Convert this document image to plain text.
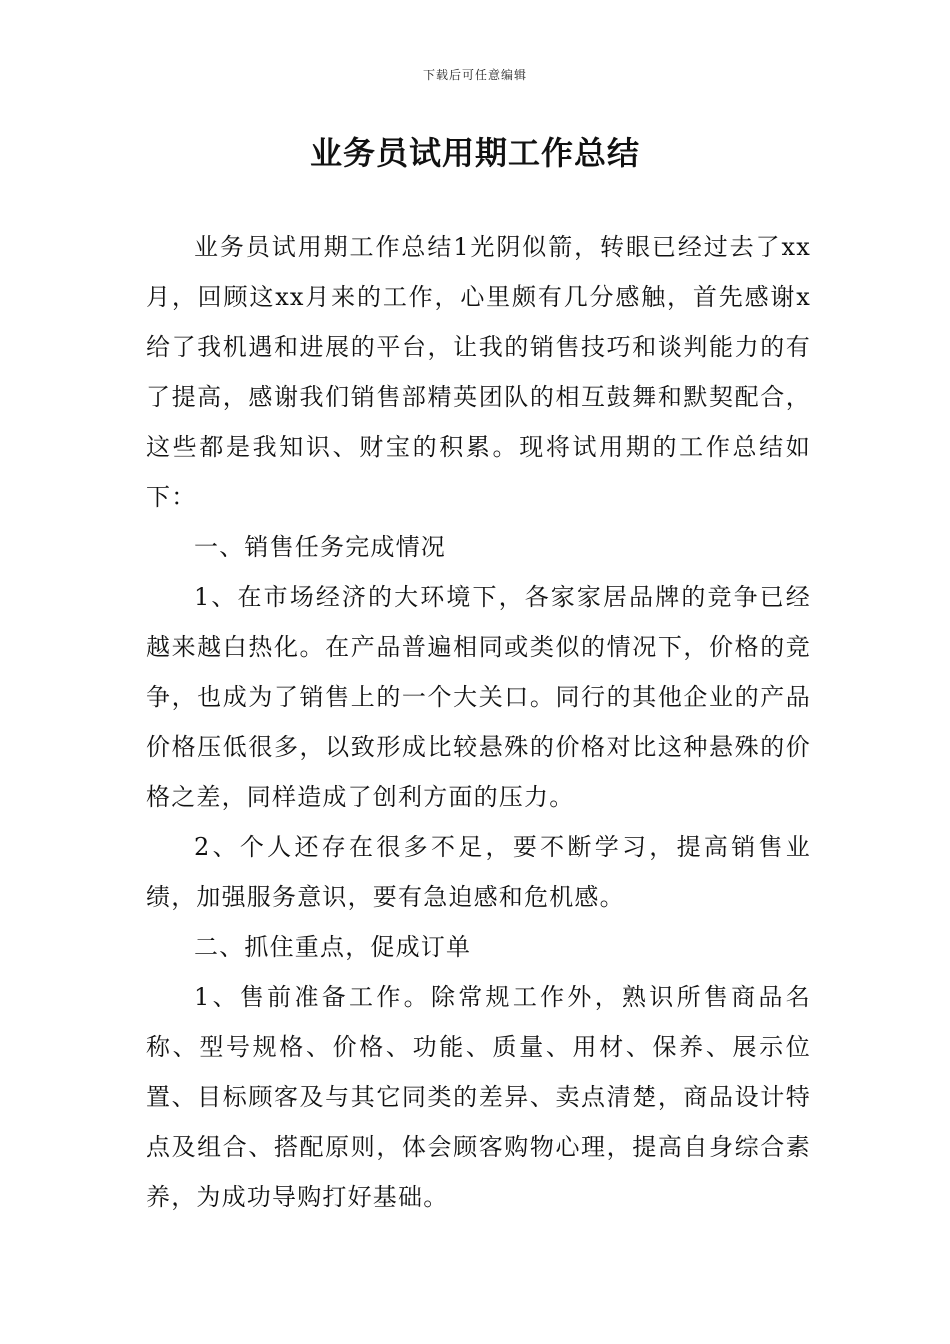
下载后可任意编辑
业务员试用期工作总结

业务员试用期工作总结1光阴似箭，转眼已经过去了xx月，回顾这xx月来的工作，心里颇有几分感触，首先感谢x给了我机遇和进展的平台，让我的销售技巧和谈判能力的有了提高，感谢我们销售部精英团队的相互鼓舞和默契配合，这些都是我知识、财宝的积累。现将试用期的工作总结如下：

一、销售任务完成情况

1、在市场经济的大环境下，各家家居品牌的竞争已经越来越白热化。在产品普遍相同或类似的情况下，价格的竞争，也成为了销售上的一个大关口。同行的其他企业的产品价格压低很多，以致形成比较悬殊的价格对比这种悬殊的价格之差，同样造成了创利方面的压力。

2、个人还存在很多不足，要不断学习，提高销售业绩，加强服务意识，要有急迫感和危机感。

二、抓住重点，促成订单

1、售前准备工作。除常规工作外，熟识所售商品名称、型号规格、价格、功能、质量、用材、保养、展示位置、目标顾客及与其它同类的差异、卖点清楚，商品设计特点及组合、搭配原则，体会顾客购物心理，提高自身综合素养，为成功导购打好基础。
